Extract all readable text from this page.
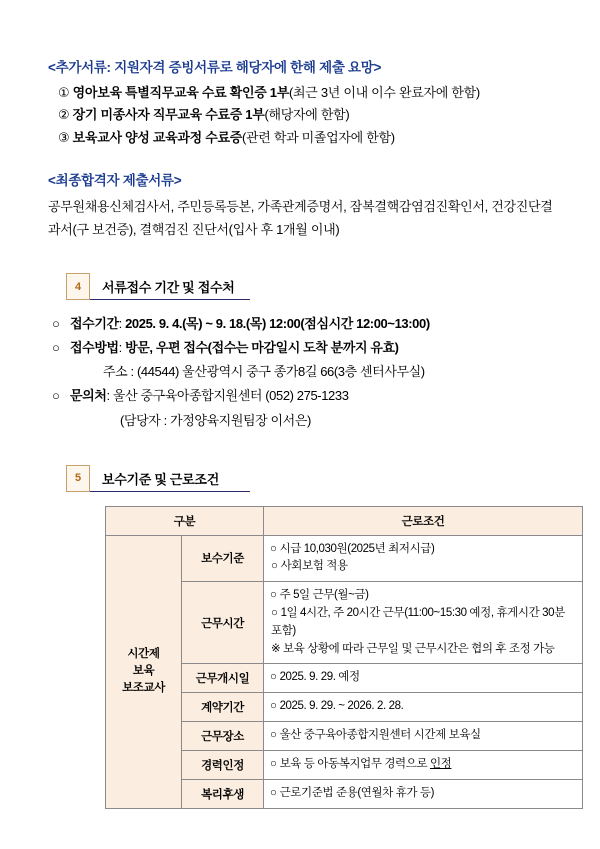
<추가서류: 지원자격 증빙서류로 해당자에 한해 제출 요망>

① 영아보육 특별직무교육 수료 확인증 1부(최근 3년 이내 이수 완료자에 한함)
② 장기 미종사자 직무교육 수료증 1부(해당자에 한함)
③ 보육교사 양성 교육과정 수료증(관련 학과 미졸업자에 한함)

<최종합격자 제출서류>

공무원채용신체검사서, 주민등록등본, 가족관계증명서, 잠복결핵감염검진확인서, 건강진단결과서(구 보건증), 결핵검진 진단서(입사 후 1개월 이내)

4	서류접수 기간 및 접수처
○ 접수기간: 2025. 9. 4.(목) ~ 9. 18.(목) 12:00(점심시간 12:00~13:00)
○ 접수방법: 방문, 우편 접수(접수는 마감일시 도착 분까지 유효)
주소 : (44544) 울산광역시 중구 종가8길 66(3층 센터사무실)
○ 문의처: 울산 중구육아종합지원센터 (052) 275-1233
(담당자 : 가정양육지원팀장 이서은)
5	보수기준 및 근로조건
구분		근로조건
시간제
보육
보조교사	보수기준	○ 시급 10,030원(2025년 최저시급)
○ 사회보험 적용

	근무시간	○ 주 5일 근무(월~금)
○ 1일 4시간, 주 20시간 근무(11:00~15:30 예정, 휴게시간 30분 포함)
※ 보육 상황에 따라 근무일 및 근무시간은 협의 후 조정 가능

	근무개시일	○ 2025. 9. 29. 예정
	계약기간	○ 2025. 9. 29. ~ 2026. 2. 28.
	근무장소	○ 울산 중구육아종합지원센터 시간제 보육실
	경력인정	○ 보육 등 아동복지업무 경력으로 인정
	복리후생	○ 근로기준법 준용(연월차 휴가 등)
